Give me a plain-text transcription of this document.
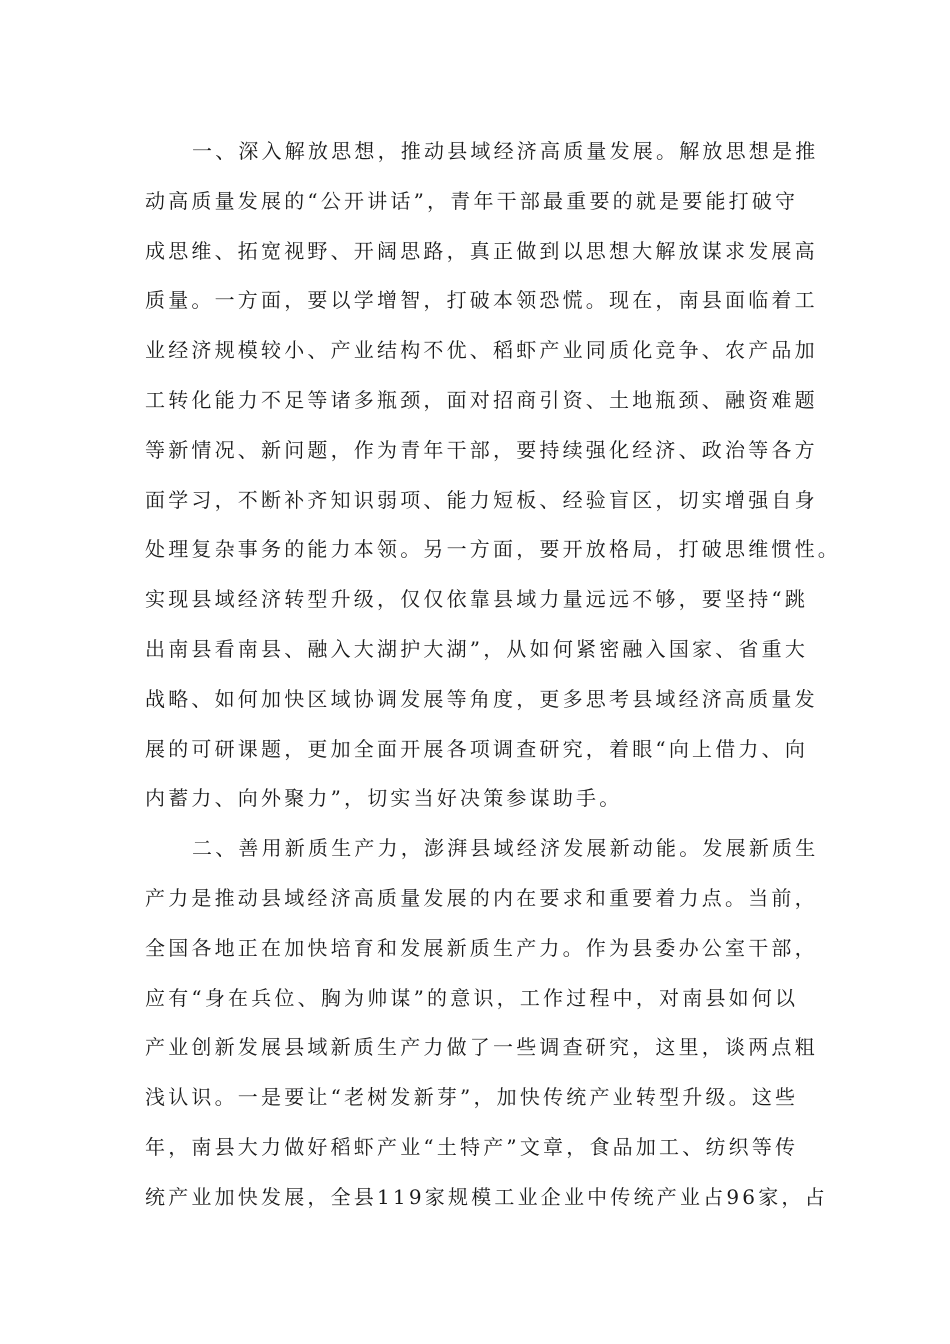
一、深入解放思想，推动县域经济高质量发展。解放思想是推
动高质量发展的“公开讲话”，青年干部最重要的就是要能打破守
成思维、拓宽视野、开阔思路，真正做到以思想大解放谋求发展高
质量。一方面，要以学增智，打破本领恐慌。现在，南县面临着工
业经济规模较小、产业结构不优、稻虾产业同质化竞争、农产品加
工转化能力不足等诸多瓶颈，面对招商引资、土地瓶颈、融资难题
等新情况、新问题，作为青年干部，要持续强化经济、政治等各方
面学习，不断补齐知识弱项、能力短板、经验盲区，切实增强自身
处理复杂事务的能力本领。另一方面，要开放格局，打破思维惯性。
实现县域经济转型升级，仅仅依靠县域力量远远不够，要坚持“跳
出南县看南县、融入大湖护大湖”，从如何紧密融入国家、省重大
战略、如何加快区域协调发展等角度，更多思考县域经济高质量发
展的可研课题，更加全面开展各项调查研究，着眼“向上借力、向
内蓄力、向外聚力”，切实当好决策参谋助手。
二、善用新质生产力，澎湃县域经济发展新动能。发展新质生
产力是推动县域经济高质量发展的内在要求和重要着力点。当前，
全国各地正在加快培育和发展新质生产力。作为县委办公室干部，
应有“身在兵位、胸为帅谋”的意识，工作过程中，对南县如何以
产业创新发展县域新质生产力做了一些调查研究，这里，谈两点粗
浅认识。一是要让“老树发新芽”，加快传统产业转型升级。这些
年，南县大力做好稻虾产业“土特产”文章，食品加工、纺织等传
统产业加快发展，全县119家规模工业企业中传统产业占96家，占
